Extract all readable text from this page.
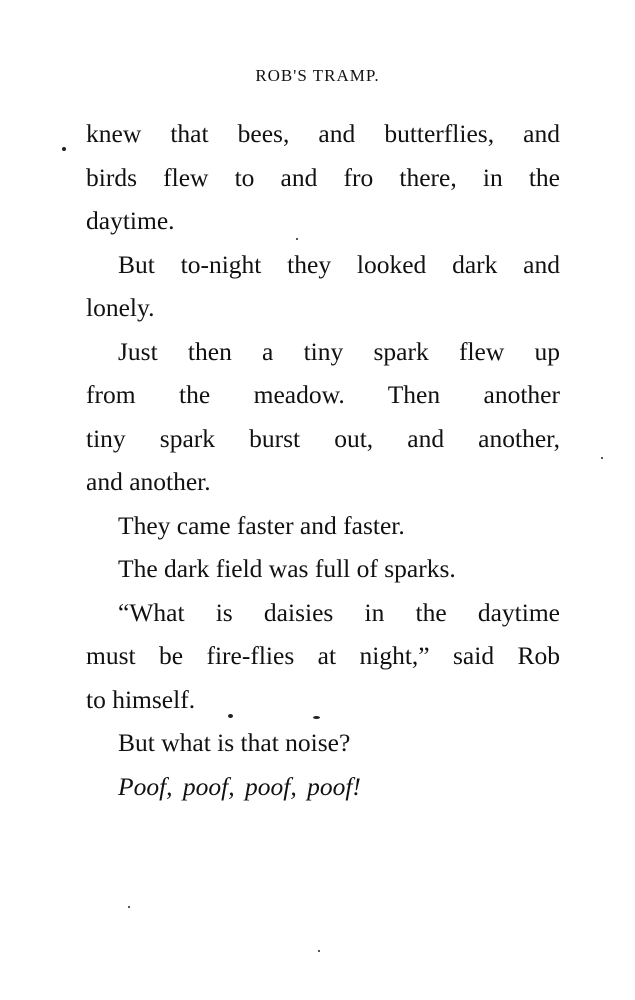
ROB'S TRAMP.
knew that bees, and butterflies, and
birds flew to and fro there, in the
daytime.
But to-night they looked dark and
lonely.
Just then a tiny spark flew up
from the meadow. Then another
tiny spark burst out, and another,
and another.
They came faster and faster.
The dark field was full of sparks.
“What is daisies in the daytime
must be fire-flies at night,” said Rob
to himself.
But what is that noise?
Poof, poof, poof, poof!
